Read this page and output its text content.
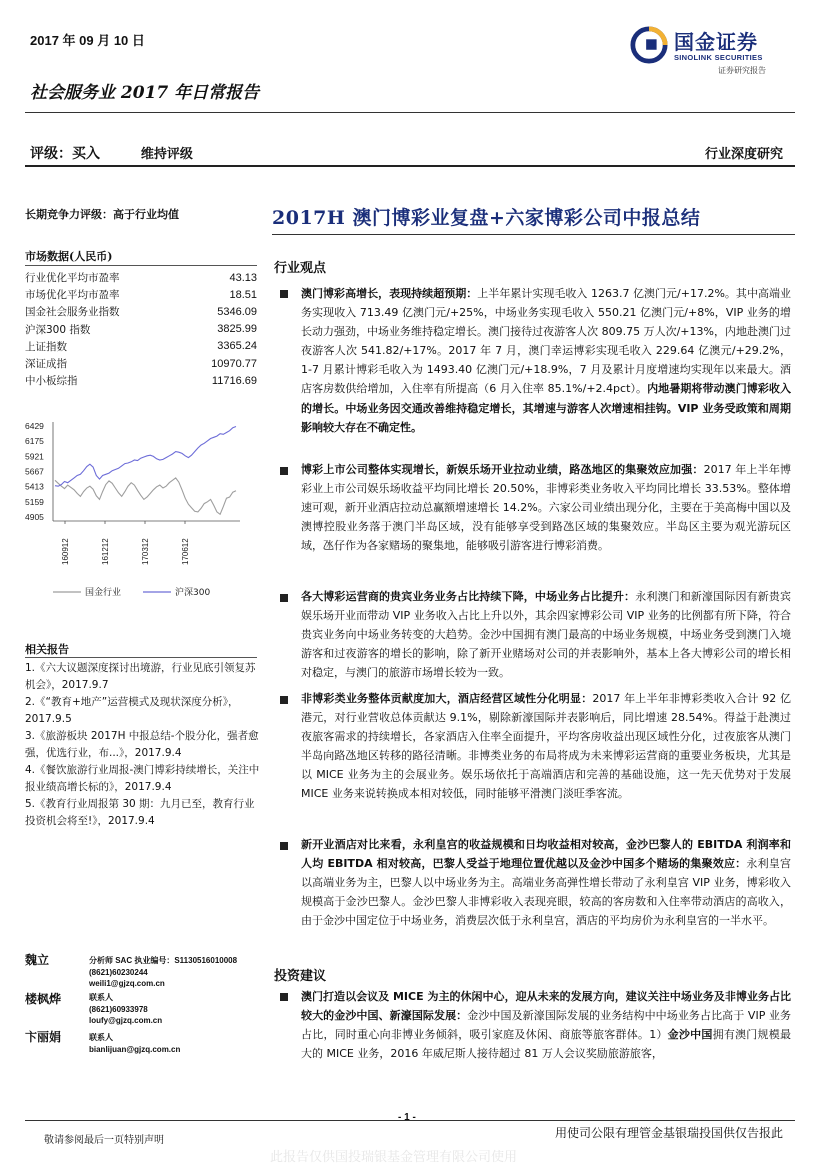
2017 年 09 月 10 日	国金证券
SINOLINK SECURITIES
证券研究报告
社会服务业 2017 年日常报告
评级：买入	维持评级	行业深度研究
长期竞争力评级：高于行业均值
市场数据(人民币)
行业优化平均市盈率	43.13
市场优化平均市盈率	18.51
国金社会服务业指数	5346.09
沪深300 指数	3825.99
上证指数	3365.24
深证成指	10970.77
中小板综指	11716.69
6429
6175
5921
5667
5413
5159
4905
160912	161212	170312	170612
国金行业	沪深300
相关报告
1.《六大议题深度探讨出境游，行业见底引领复苏机会》，2017.9.7
2.《“教育+地产”运营模式及现状深度分析》，2017.9.5
3.《旅游板块 2017H 中报总结-个股分化，强者愈强，优选行业，布...》，2017.9.4
4.《餐饮旅游行业周报-澳门博彩持续增长，关注中报业绩高增长标的》，2017.9.4
5.《教育行业周报第 30 期：九月已至，教育行业投资机会将至!》，2017.9.4
魏立	分析师 SAC 执业编号：S1130516010008
(8621)60230244
weili1@gjzq.com.cn
楼枫烨	联系人
(8621)60933978
loufy@gjzq.com.cn
卞丽娟	联系人
bianlijuan@gjzq.com.cn
2017H 澳门博彩业复盘+六家博彩公司中报总结
行业观点
澳门博彩高增长，表现持续超预期：上半年累计实现毛收入 1263.7 亿澳门元/+17.2%。其中高端业务实现收入 713.49 亿澳门元/+25%，中场业务实现毛收入 550.21 亿澳门元/+8%，VIP 业务的增长动力强劲，中场业务维持稳定增长。澳门接待过夜游客人次 809.75 万人次/+13%，内地赴澳门过夜游客人次 541.82/+17%。2017 年 7 月，澳门幸运博彩实现毛收入 229.64 亿澳元/+29.2%，1-7 月累计博彩毛收入为 1493.40 亿澳门元/+18.9%，7 月及累计月度增速均实现年以来最大。酒店客房数供给增加，入住率有所提高（6 月入住率 85.1%/+2.4pct）。内地暑期将带动澳门博彩收入的增长。中场业务因交通改善维持稳定增长，其增速与游客人次增速相挂钩。VIP 业务受政策和周期影响较大存在不确定性。
博彩上市公司整体实现增长，新娱乐场开业拉动业绩，路氹地区的集聚效应加强：2017 年上半年博彩业上市公司娱乐场收益平均同比增长 20.50%，非博彩类业务收入平均同比增长 33.53%。整体增速可观，新开业酒店拉动总赢额增速增长 14.2%。六家公司业绩出现分化，主要在于美高梅中国以及澳博控股业务落于澳门半岛区域，没有能够享受到路氹区域的集聚效应。半岛区主要为观光游玩区域，氹仔作为各家赌场的聚集地，能够吸引游客进行博彩消费。
各大博彩运营商的贵宾业务业务占比持续下降，中场业务占比提升：永利澳门和新濠国际因有新贵宾娱乐场开业而带动 VIP 业务收入占比上升以外，其余四家博彩公司 VIP 业务的比例都有所下降，符合贵宾业务向中场业务转变的大趋势。金沙中国拥有澳门最高的中场业务规模，中场业务受到澳门入境游客和过夜游客的增长的影响，除了新开业赌场对公司的并表影响外，基本上各大博彩公司的增长相对稳定，与澳门的旅游市场增长较为一致。
非博彩类业务整体贡献度加大，酒店经营区域性分化明显：2017 年上半年非博彩类收入合计 92 亿港元，对行业营收总体贡献达 9.1%，剔除新濠国际并表影响后，同比增速 28.54%。得益于赴澳过夜旅客需求的持续增长，各家酒店入住率全面提升，平均客房收益出现区域性分化，过夜旅客从澳门半岛向路氹地区转移的路径清晰。非博类业务的布局将成为未来博彩运营商的重要业务板块，尤其是以 MICE 业务为主的会展业务。娱乐场依托于高端酒店和完善的基础设施，这一先天优势对于发展 MICE 业务来说转换成本相对较低，同时能够平滑澳门淡旺季客流。
新开业酒店对比来看，永利皇宫的收益规模和日均收益相对较高，金沙巴黎人的 EBITDA 利润率和人均 EBITDA 相对较高，巴黎人受益于地理位置优越以及金沙中国多个赌场的集聚效应：永利皇宫以高端业务为主，巴黎人以中场业务为主。高端业务高弹性增长带动了永利皇宫 VIP 业务，博彩收入规模高于金沙巴黎人。金沙巴黎人非博彩收入表现亮眼，较高的客房数和入住率带动酒店的高收入，由于金沙中国定位于中场业务，消费层次低于永利皇宫，酒店的平均房价为永利皇宫的一半水平。
投资建议
澳门打造以会议及 MICE 为主的休闲中心，迎从未来的发展方向，建议关注中场业务及非博业务占比较大的金沙中国、新濠国际发展：金沙中国及新濠国际发展的业务结构中中场业务占比高于 VIP 业务占比，同时重心向非博业务倾斜，吸引家庭及休闲、商旅等旅客群体。1）金沙中国拥有澳门规模最大的 MICE 业务，2016 年威尼斯人接待超过 81 万人会议奖励旅游旅客，
- 1 -
敬请参阅最后一页特别声明
用使司公限有理管金基银瑞投国供仅告报此
此报告仅供国投瑞银基金管理有限公司使用
